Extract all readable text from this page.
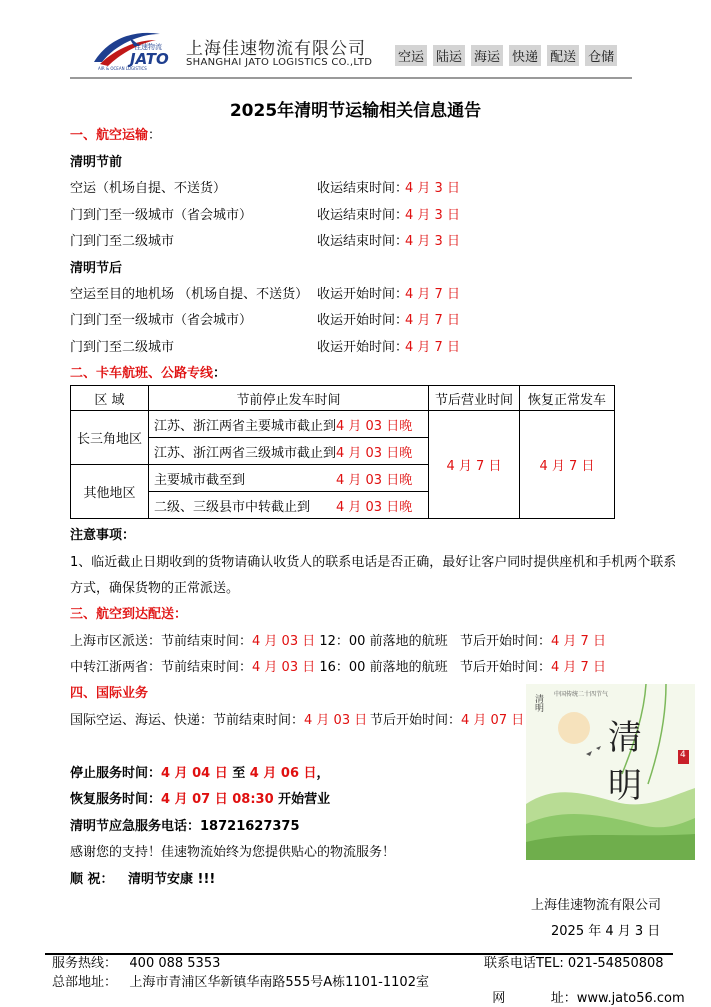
佳速物流
JATO
AIR & OCEAN LOGISTICS
上海佳速物流有限公司
SHANGHAI JATO LOGISTICS CO.,LTD 空运 陆运 海运 快递 配送 仓储
2025年清明节运输相关信息通告
一、航空运输：
清明节前
空运（机场自提、不送货）	收运结束时间：
4 月 3 日
门到门至一级城市（省会城市）	收运结束时间：
4 月 3 日
门到门至二级城市	收运结束时间：
4 月 3 日
清明节后
空运至目的地机场 （机场自提、不送货） 收运开始时间：
4 月 7 日
门到门至一级城市（省会城市）	收运开始时间：
4 月 7 日
门到门至二级城市	收运开始时间：
4 月 7 日
二、卡车航班、公路专线：
区 域	节前停止发车时间	节后营业时间	恢复正常发车
长三角地区	江苏、浙江两省主要城市截止到4 月 03 日晚	4 月 7 日	4 月 7 日
	江苏、浙江两省三级城市截止到4 月 03 日晚		
其他地区	主要城市截至到 4 月 03 日晚		
	二级、三级县市中转截止到 4 月 03 日晚		
注意事项：
1、临近截止日期收到的货物请确认收货人的联系电话是否正确，最好让客户同时提供座机和手机两个联系
方式，确保货物的正常派送。
三、航空到达配送：
上海市区派送：节前结束时间：4 月 03 日 12：00 前落地的航班 节后开始时间：4 月 7 日
中转江浙两省：节前结束时间：4 月 03 日 16：00 前落地的航班 节后开始时间：4 月 7 日
四、国际业务
国际空运、海运、快递：节前结束时间：4 月 03 日 节后开始时间：4 月 07 日
停止服务时间：4 月 04 日 至 4 月 06 日，
恢复服务时间：4 月 07 日 08:30 开始营业
清明节应急服务电话：18721627375
感谢您的支持！佳速物流始终为您提供贴心的物流服务！
顺 祝： 清明节安康 !!!
中国传统二十四节气
清明
清
明
4
上海佳速物流有限公司
2025 年 4 月 3 日
服务热线：   400 088 5353	联系电话TEL: 021-54850808
总部地址：   上海市青浦区华新镇华南路555号A栋1101-1102室

网           址：www.jato56.com
